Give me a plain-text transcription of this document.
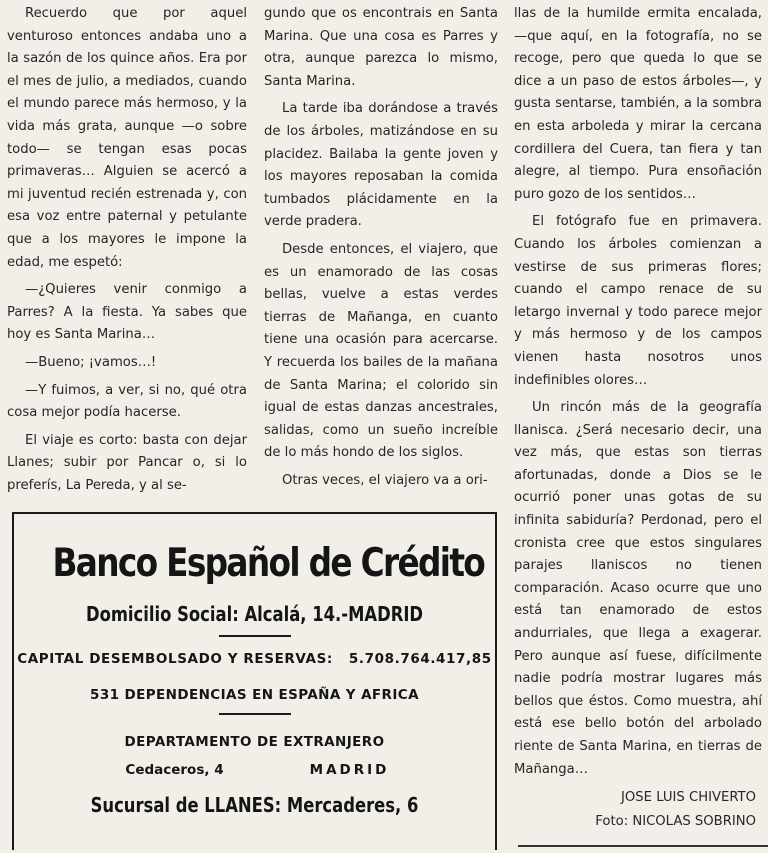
Recuerdo que por aquel venturoso entonces andaba uno a la sazón de los quince años. Era por el mes de julio, a mediados, cuando el mundo parece más hermoso, y la vida más grata, aunque —o sobre todo— se tengan esas pocas primaveras… Alguien se acercó a mi juventud recién estrenada y, con esa voz entre paternal y petulante que a los mayores le impone la edad, me espetó:

—¿Quieres venir conmigo a Parres? A la fiesta. Ya sabes que hoy es Santa Marina…

—Bueno; ¡vamos…!

—Y fuimos, a ver, si no, qué otra cosa mejor podía hacerse.

El viaje es corto: basta con dejar Llanes; subir por Pancar o, si lo preferís, La Pereda, y al se-

gundo que os encontrais en Santa Marina. Que una cosa es Parres y otra, aunque parezca lo mismo, Santa Marina.

La tarde iba dorándose a través de los árboles, matizándose en su placidez. Bailaba la gente joven y los mayores reposaban la comida tumbados plácidamente en la verde pradera.

Desde entonces, el viajero, que es un enamorado de las cosas bellas, vuelve a estas verdes tierras de Mañanga, en cuanto tiene una ocasión para acercarse. Y recuerda los bailes de la mañana de Santa Marina; el colorido sin igual de estas danzas ancestrales, salidas, como un sueño increíble de lo más hondo de los siglos.

Otras veces, el viajero va a ori-

llas de la humilde ermita encalada, —que aquí, en la fotografía, no se recoge, pero que queda lo que se dice a un paso de estos árboles—, y gusta sentarse, también, a la sombra en esta arboleda y mirar la cercana cordillera del Cuera, tan fiera y tan alegre, al tiempo. Pura ensoñación puro gozo de los sentidos…

El fotógrafo fue en primavera. Cuando los árboles comienzan a vestirse de sus primeras flores; cuando el campo renace de su letargo invernal y todo parece mejor y más hermoso y de los campos vienen hasta nosotros unos indefinibles olores…

Un rincón más de la geografía llanisca. ¿Será necesario decir, una vez más, que estas son tierras afortunadas, donde a Dios se le ocurrió poner unas gotas de su infinita sabiduría? Perdonad, pero el cronista cree que estos singulares parajes llaniscos no tienen comparación. Acaso ocurre que uno está tan enamorado de estos andurriales, que llega a exagerar. Pero aunque así fuese, difícilmente nadie podría mostrar lugares más bellos que éstos. Como muestra, ahí está ese bello botón del arbolado riente de Santa Marina, en tierras de Mañanga…

JOSE LUIS CHIVERTO
Foto: NICOLAS SOBRINO
Banco Español de Crédito
Domicilio Social: Alcalá, 14.-MADRID
CAPITAL DESEMBOLSADO Y RESERVAS: 5.708.764.417,85
531 DEPENDENCIAS EN ESPAÑA Y AFRICA
DEPARTAMENTO DE EXTRANJERO
Cedaceros, 4	MADRID
Sucursal de LLANES: Mercaderes, 6
